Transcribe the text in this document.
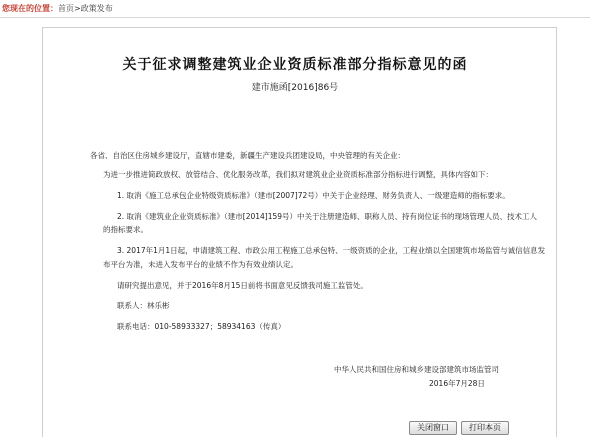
您现在的位置：首页>政策发布
关于征求调整建筑业企业资质标准部分指标意见的函
建市施函[2016]86号
各省、自治区住房城乡建设厅，直辖市建委，新疆生产建设兵团建设局，中央管理的有关企业：
为进一步推进简政放权、放管结合、优化服务改革，我们拟对建筑业企业资质标准部分指标进行调整，具体内容如下：
1. 取消《施工总承包企业特级资质标准》（建市[2007]72号）中关于企业经理、财务负责人、一级建造师的指标要求。
2. 取消《建筑业企业资质标准》（建市[2014]159号）中关于注册建造师、职称人员、持有岗位证书的现场管理人员、技术工人
的指标要求。
3. 2017年1月1日起，申请建筑工程、市政公用工程施工总承包特、一级资质的企业，工程业绩以全国建筑市场监管与诚信信息发
布平台为准，未进入发布平台的业绩不作为有效业绩认定。
请研究提出意见，并于2016年8月15日前将书面意见反馈我司施工监管处。
联系人：林乐彬
联系电话：010-58933327；58934163（传真）
中华人民共和国住房和城乡建设部建筑市场监管司
2016年7月28日
关闭窗口	打印本页
